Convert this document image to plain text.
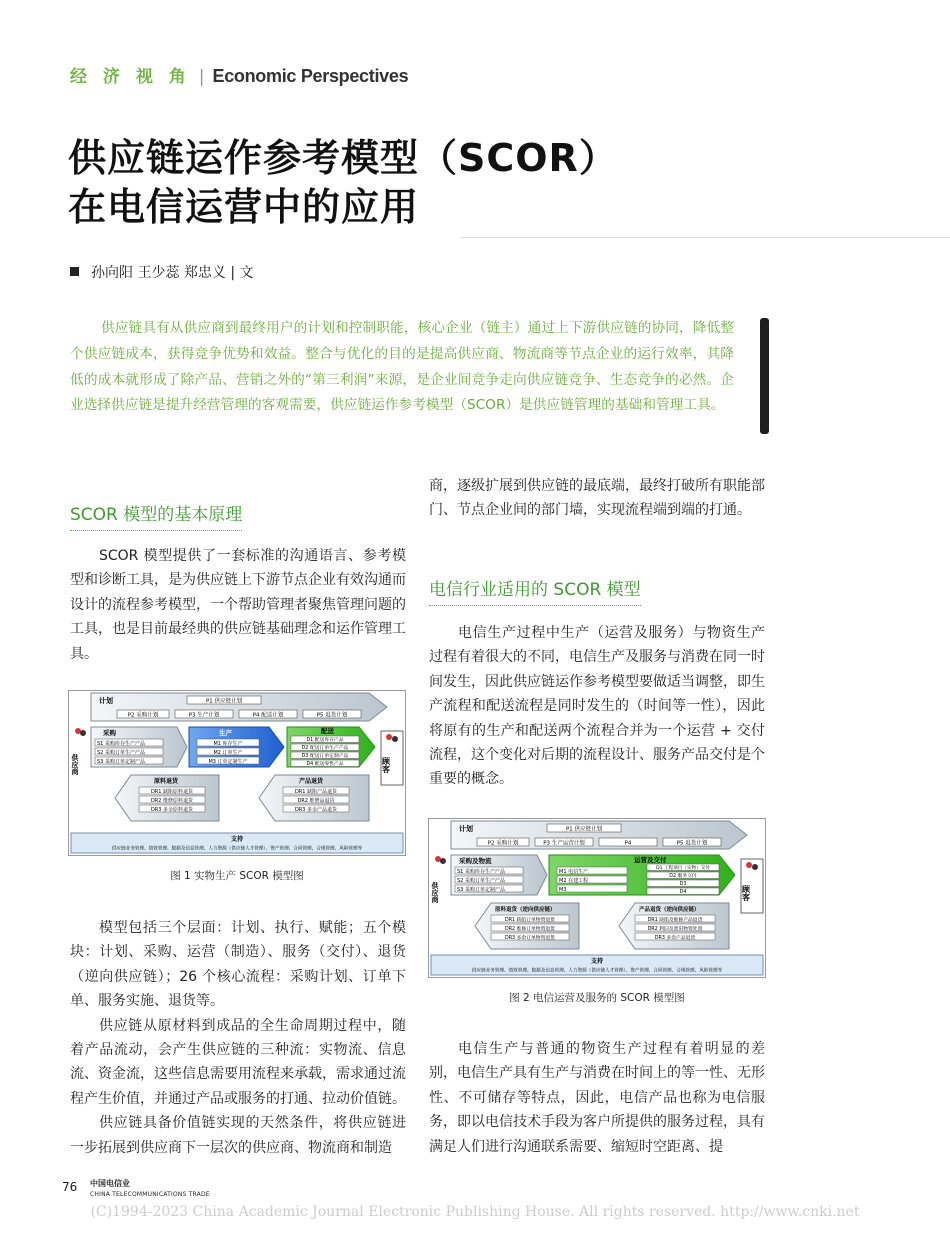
经 济 视 角 | Economic Perspectives
供应链运作参考模型（SCOR）
在电信运营中的应用
孙向阳 王少蕊 郑忠义 | 文
供应链具有从供应商到最终用户的计划和控制职能，核心企业（链主）通过上下游供应链的协同，降低整个供应链成本，获得竞争优势和效益。整合与优化的目的是提高供应商、物流商等节点企业的运行效率，其降低的成本就形成了除产品、营销之外的“第三利润”来源，是企业间竞争走向供应链竞争、生态竞争的必然。企业选择供应链是提升经营管理的客观需要，供应链运作参考模型（SCOR）是供应链管理的基础和管理工具。
SCOR 模型的基本原理

SCOR 模型提供了一套标准的沟通语言、参考模型和诊断工具，是为供应链上下游节点企业有效沟通而设计的流程参考模型，一个帮助管理者聚焦管理问题的工具，也是目前最经典的供应链基础理念和运作管理工具。

计划	P1 供应链计划
P2 采购计划	P3 生产计划	P4 配送计划	P5 退货计划
供应商	顾客
采购
S1 采购库存生产产品
S2 采购订单生产产品
S3 采购订单定制产品
生产
M1 库存生产
M2 订单生产
M3 订单定制生产
配送
D1 配送库存产品
D2 配送订单生产产品
D3 配送订单定制产品
D4 配送零售产品
原料退货
DR1 缺陷原料退货
DR2 维修原料退货
DR3 多余原料退货
产品退货
DR1 缺陷产品退货
DR2 维修品退货
DR3 多余产品退货
支持
供应链业务管理、绩效管理、数据及信息管理、人力资源（供应链人才管理）、资产管理、合同管理、合规管理、风险管理等
图 1 实物生产 SCOR 模型图

模型包括三个层面：计划、执行、赋能；五个模块：计划、采购、运营（制造）、服务（交付）、退货（逆向供应链）；26 个核心流程：采购计划、订单下单、服务实施、退货等。

供应链从原材料到成品的全生命周期过程中，随着产品流动，会产生供应链的三种流：实物流、信息流、资金流，这些信息需要用流程来承载，需求通过流程产生价值，并通过产品或服务的打通、拉动价值链。

供应链具备价值链实现的天然条件，将供应链进一步拓展到供应商下一层次的供应商、物流商和制造

商，逐级扩展到供应链的最底端，最终打破所有职能部门、节点企业间的部门墙，实现流程端到端的打通。

电信行业适用的 SCOR 模型

电信生产过程中生产（运营及服务）与物资生产过程有着很大的不同，电信生产及服务与消费在同一时间发生，因此供应链运作参考模型要做适当调整，即生产流程和配送流程是同时发生的（时间等一性），因此将原有的生产和配送两个流程合并为一个运营 + 交付流程，这个变化对后期的流程设计、服务产品交付是个重要的概念。

计划	P1 供应链计划
P2 采购计划	P3 生产运营计划	P4	P5 退货计划
供应商	顾客
采购及物流
S1 采购库存生产产品
S2 采购订单生产产品
S3 采购订单定制产品
运营及交付
M1 电信生产
M2 在建工程
M3
D1 工程项目（实物）交付
D2 服务交付
D3
D4
原料退货（逆向供应链）
DR1 缺陷订单物资退货
DR2 维修订单物资退货
DR3 多余订单物资退货
产品退货（逆向供应链）
DR1 缺陷及维修产品退货
DR2 利旧及废旧物资处置
DR3 多余产品退货
支持
供应链业务管理、绩效管理、数据及信息管理、人力资源（供应链人才管理）、资产管理、合同管理、合规管理、风险管理等
图 2 电信运营及服务的 SCOR 模型图

电信生产与普通的物资生产过程有着明显的差别，电信生产具有生产与消费在时间上的等一性、无形性、不可储存等特点，因此，电信产品也称为电信服务，即以电信技术手段为客户所提供的服务过程，具有满足人们进行沟通联系需要、缩短时空距离、提

76 中国电信业
CHINA TELECOMMUNICATIONS TRADE
(C)1994-2023 China Academic Journal Electronic Publishing House. All rights reserved. http://www.cnki.net
